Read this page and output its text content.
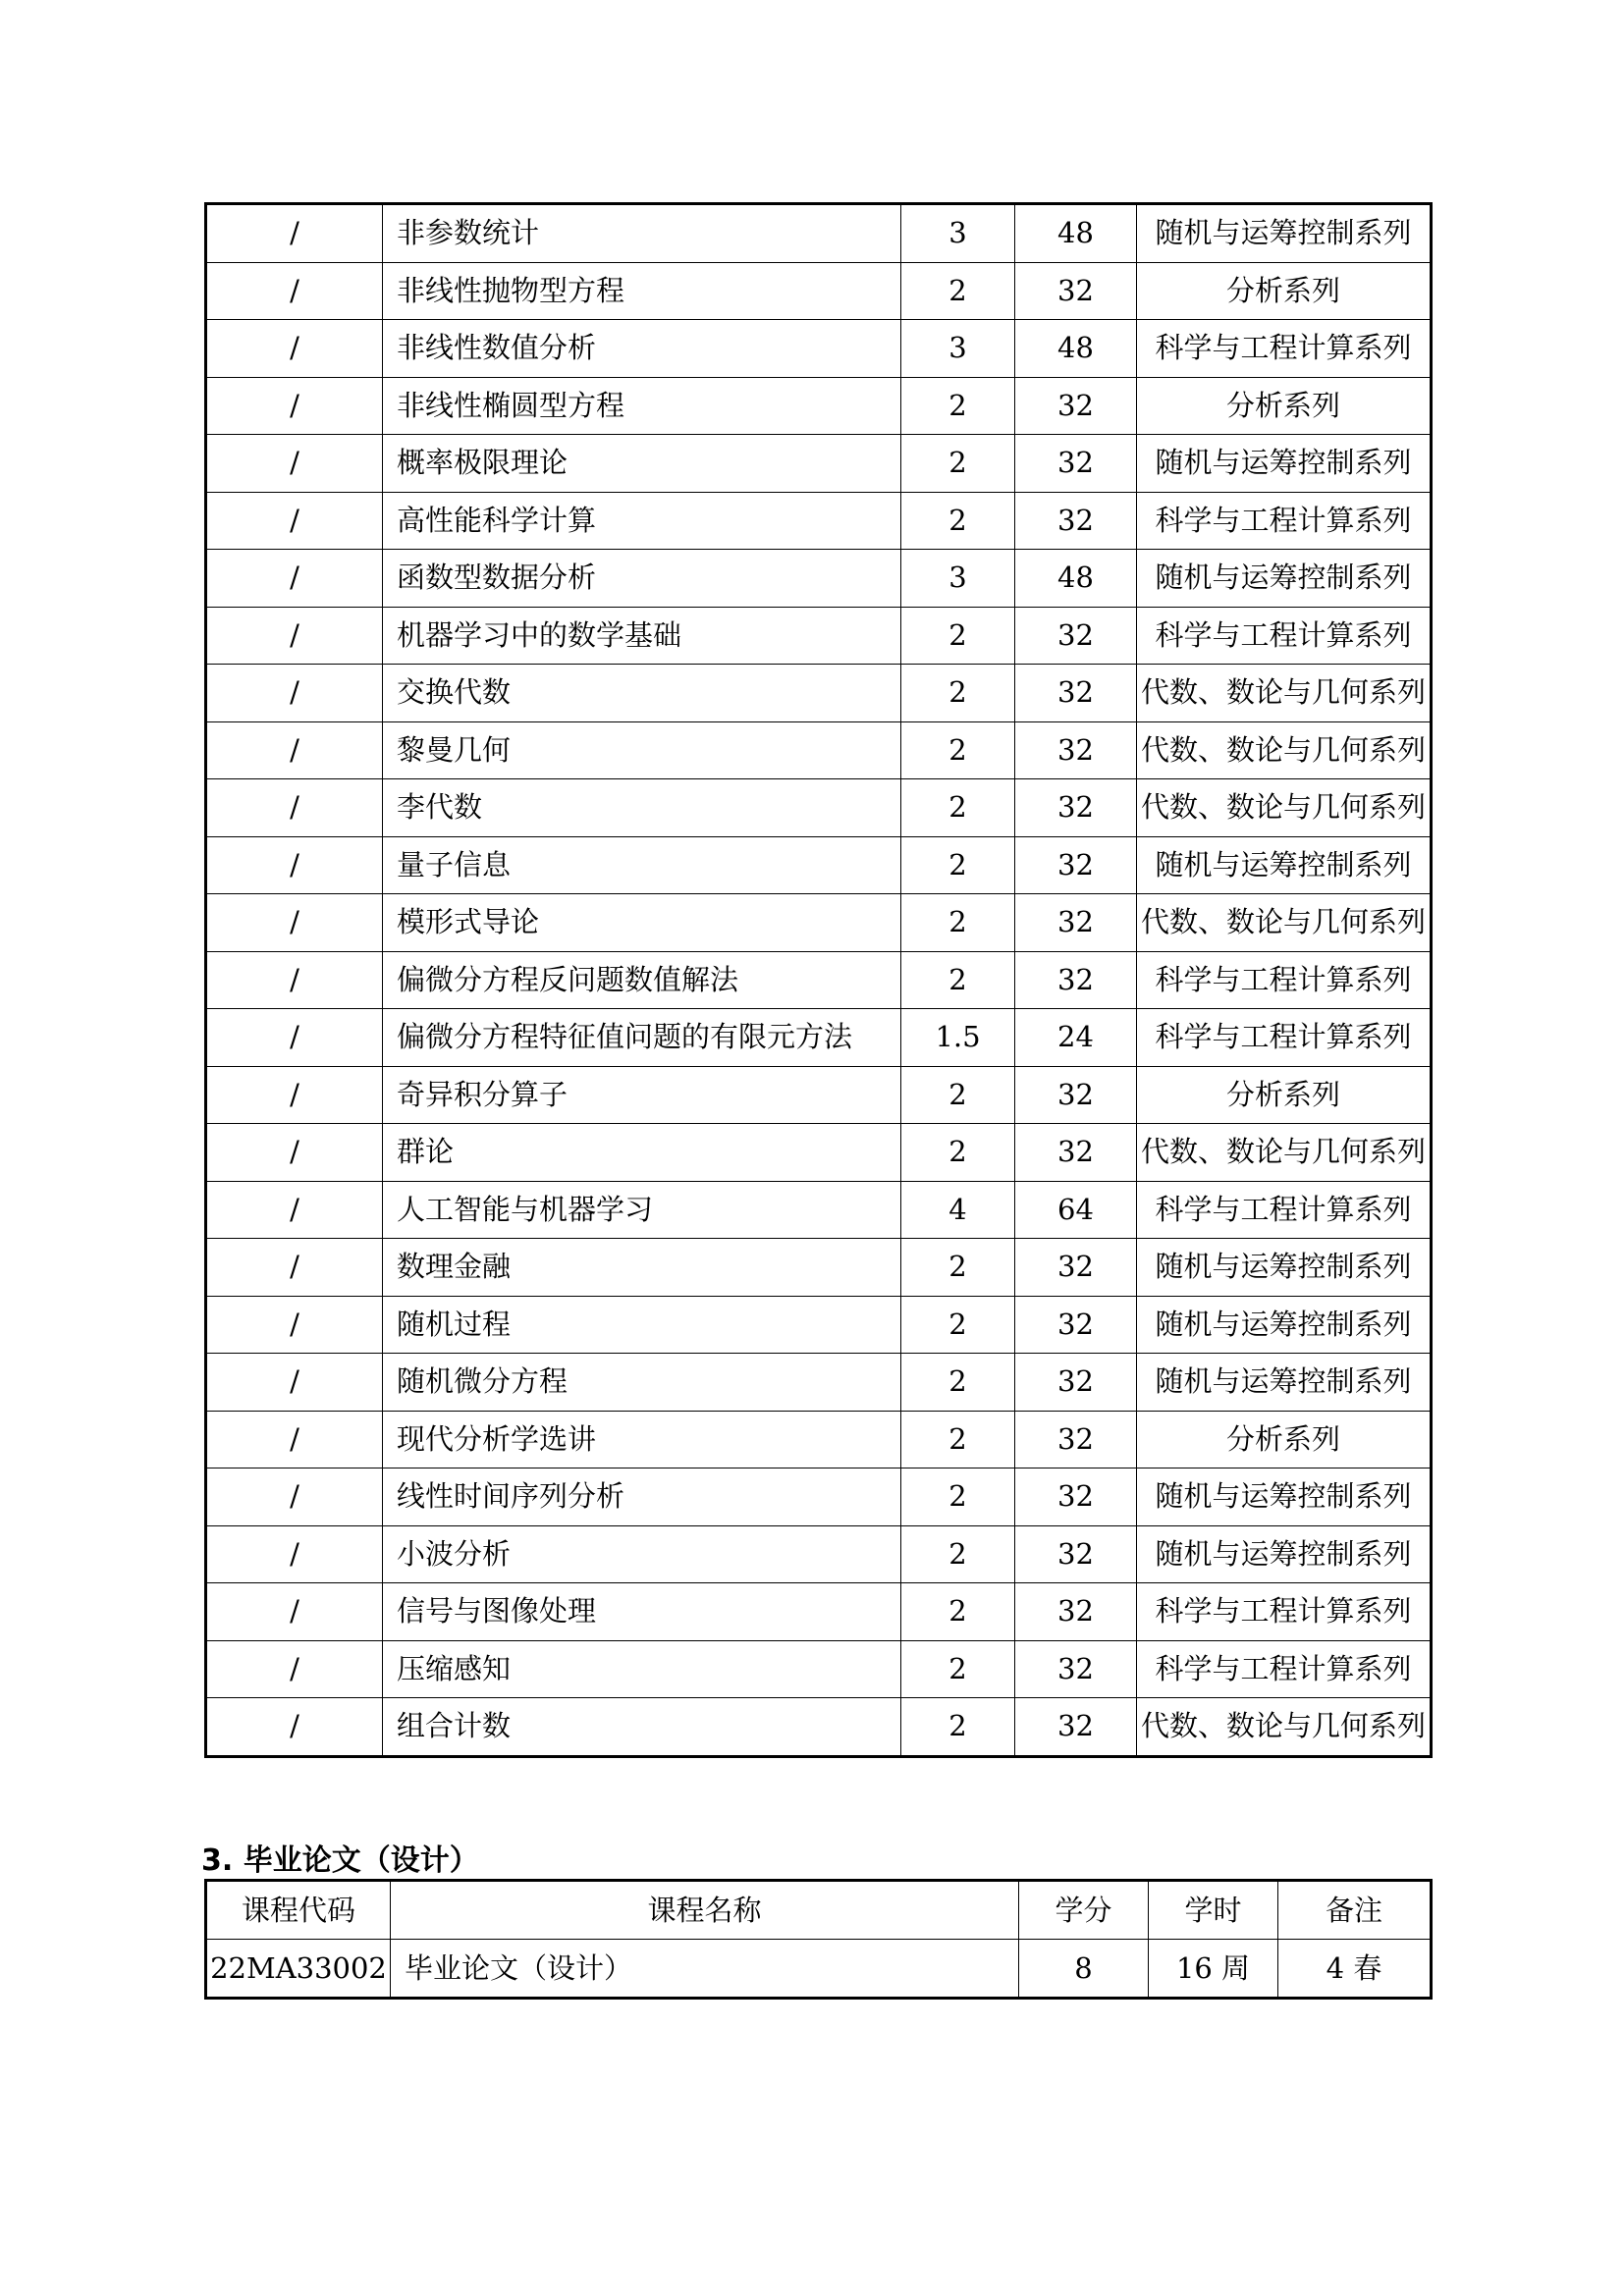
/	非参数统计	3	48	随机与运筹控制系列
/	非线性抛物型方程	2	32	分析系列
/	非线性数值分析	3	48	科学与工程计算系列
/	非线性椭圆型方程	2	32	分析系列
/	概率极限理论	2	32	随机与运筹控制系列
/	高性能科学计算	2	32	科学与工程计算系列
/	函数型数据分析	3	48	随机与运筹控制系列
/	机器学习中的数学基础	2	32	科学与工程计算系列
/	交换代数	2	32	代数、数论与几何系列
/	黎曼几何	2	32	代数、数论与几何系列
/	李代数	2	32	代数、数论与几何系列
/	量子信息	2	32	随机与运筹控制系列
/	模形式导论	2	32	代数、数论与几何系列
/	偏微分方程反问题数值解法	2	32	科学与工程计算系列
/	偏微分方程特征值问题的有限元方法	1.5	24	科学与工程计算系列
/	奇异积分算子	2	32	分析系列
/	群论	2	32	代数、数论与几何系列
/	人工智能与机器学习	4	64	科学与工程计算系列
/	数理金融	2	32	随机与运筹控制系列
/	随机过程	2	32	随机与运筹控制系列
/	随机微分方程	2	32	随机与运筹控制系列
/	现代分析学选讲	2	32	分析系列
/	线性时间序列分析	2	32	随机与运筹控制系列
/	小波分析	2	32	随机与运筹控制系列
/	信号与图像处理	2	32	科学与工程计算系列
/	压缩感知	2	32	科学与工程计算系列
/	组合计数	2	32	代数、数论与几何系列
3. 毕业论文（设计）
课程代码	课程名称	学分	学时	备注
22MA33002	毕业论文（设计）	8	16 周	4 春
